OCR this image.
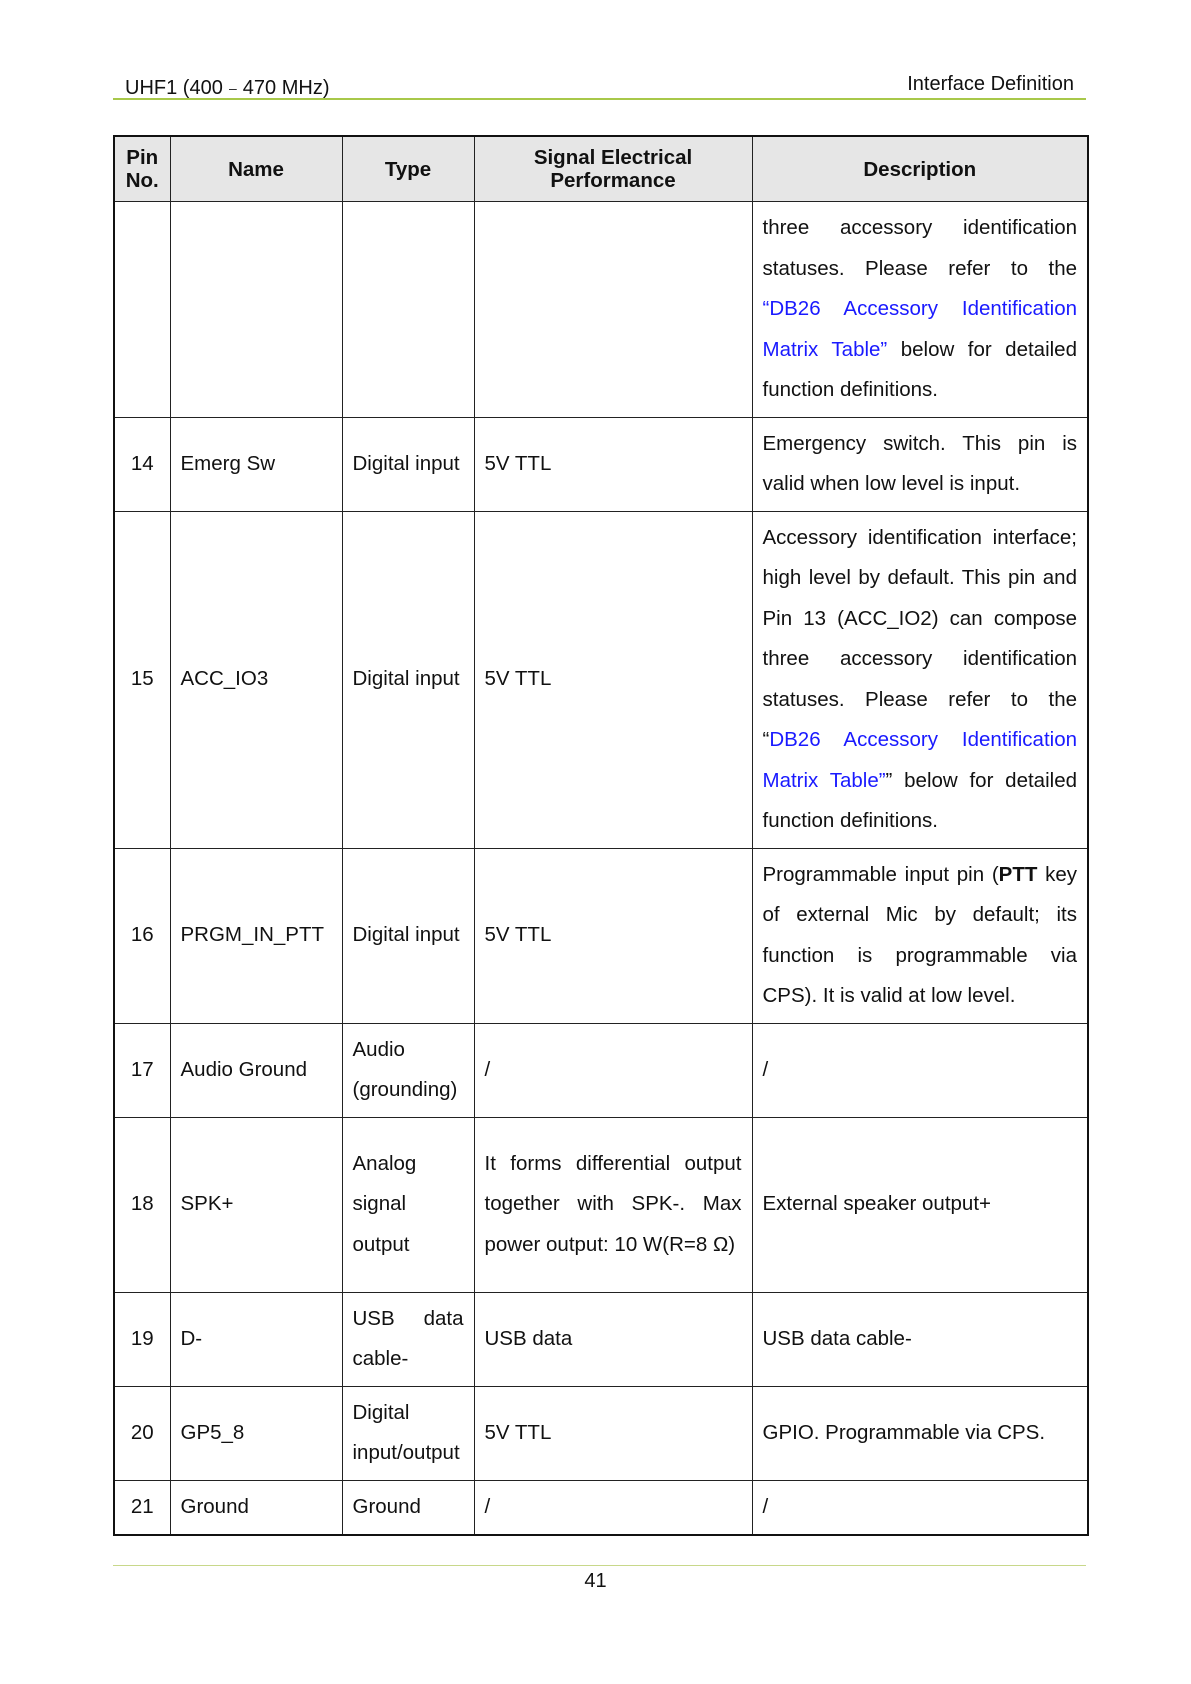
UHF1 (400﹣470 MHz)	Interface Definition
Pin No.	Name	Type	Signal Electrical Performance	Description
				three accessory identification statuses. Please refer to the “DB26 Accessory Identification Matrix Table” below for detailed function definitions.
14	Emerg Sw	Digital input	5V TTL	Emergency switch. This pin is valid when low level is input.
15	ACC_IO3	Digital input	5V TTL	Accessory identification interface; high level by default. This pin and Pin 13 (ACC_IO2) can compose three accessory identification statuses. Please refer to the “DB26 Accessory Identification Matrix Table”” below for detailed function definitions.
16	PRGM_IN_PTT	Digital input	5V TTL	Programmable input pin (PTT key of external Mic by default; its function is programmable via CPS). It is valid at low level.
17	Audio Ground	Audio (grounding)	/	/
18	SPK+	Analog signal output	It forms differential output together with SPK-. Max power output: 10 W(R=8 Ω)	External speaker output+
19	D-	USB data cable-	USB data	USB data cable-
20	GP5_8	Digital input/output	5V TTL	GPIO. Programmable via CPS.
21	Ground	Ground	/	/
41
